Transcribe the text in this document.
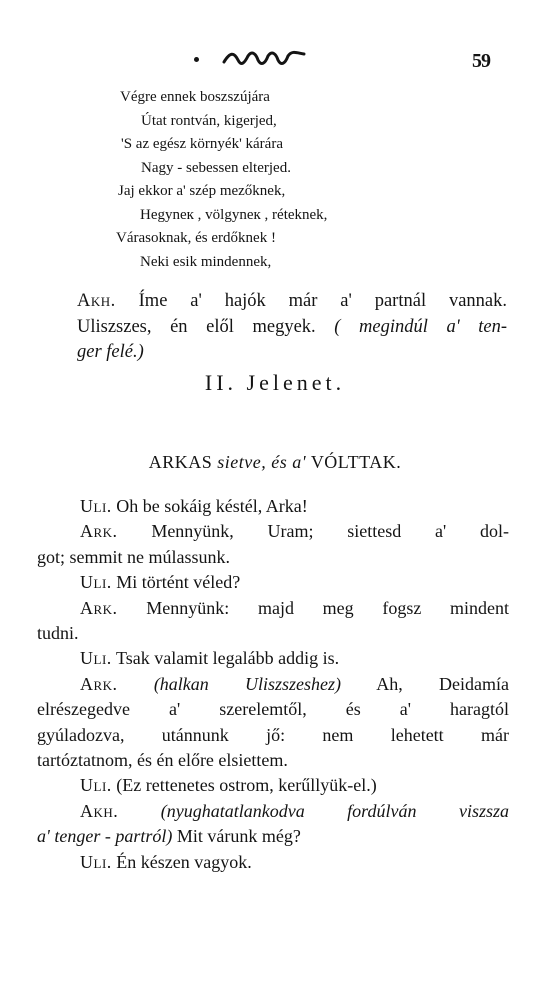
59
Végre ennek boszszújára
Útat rontván, kigerjed,
'S az egész környék' kárára
Nagy - sebessen elterjed.
Jaj ekkor a' szép mezőknek,
Hegyneк , völgyneк , réteknek,
Várasoknak, és erdőknek !
Neki esik mindennek,
Akh. Íme a' hajók már a' partnál vannak.
Uliszszes, én elől megyek. ( megindúl a' ten-
ger felé.)
II. Jelenet.
ARKAS sietve, és a' VÓLTTAK.
Uli. Oh be sokáig késtél, Arka!
Ark. Mennyünk, Uram; siettesd a' dol-
got; semmit ne múlassunk.
Uli. Mi történt véled?
Ark. Mennyünk: majd meg fogsz mindent
tudni.
Uli. Tsak valamit legalább addig is.
Ark. (halkan Uliszszeshez) Ah, Deidamía
elrészegedve a' szerelemtől, és a' haragtól
gyúladozva, utánnunk jő: nem lehetett már
tartóztatnom, és én előre elsiettem.
Uli. (Ez rettenetes ostrom, kerűllyük-el.)
Akh. (nyughatatlankodva fordúlván viszsza
a' tenger - partról) Mit várunk még?
Uli. Én készen vagyok.
